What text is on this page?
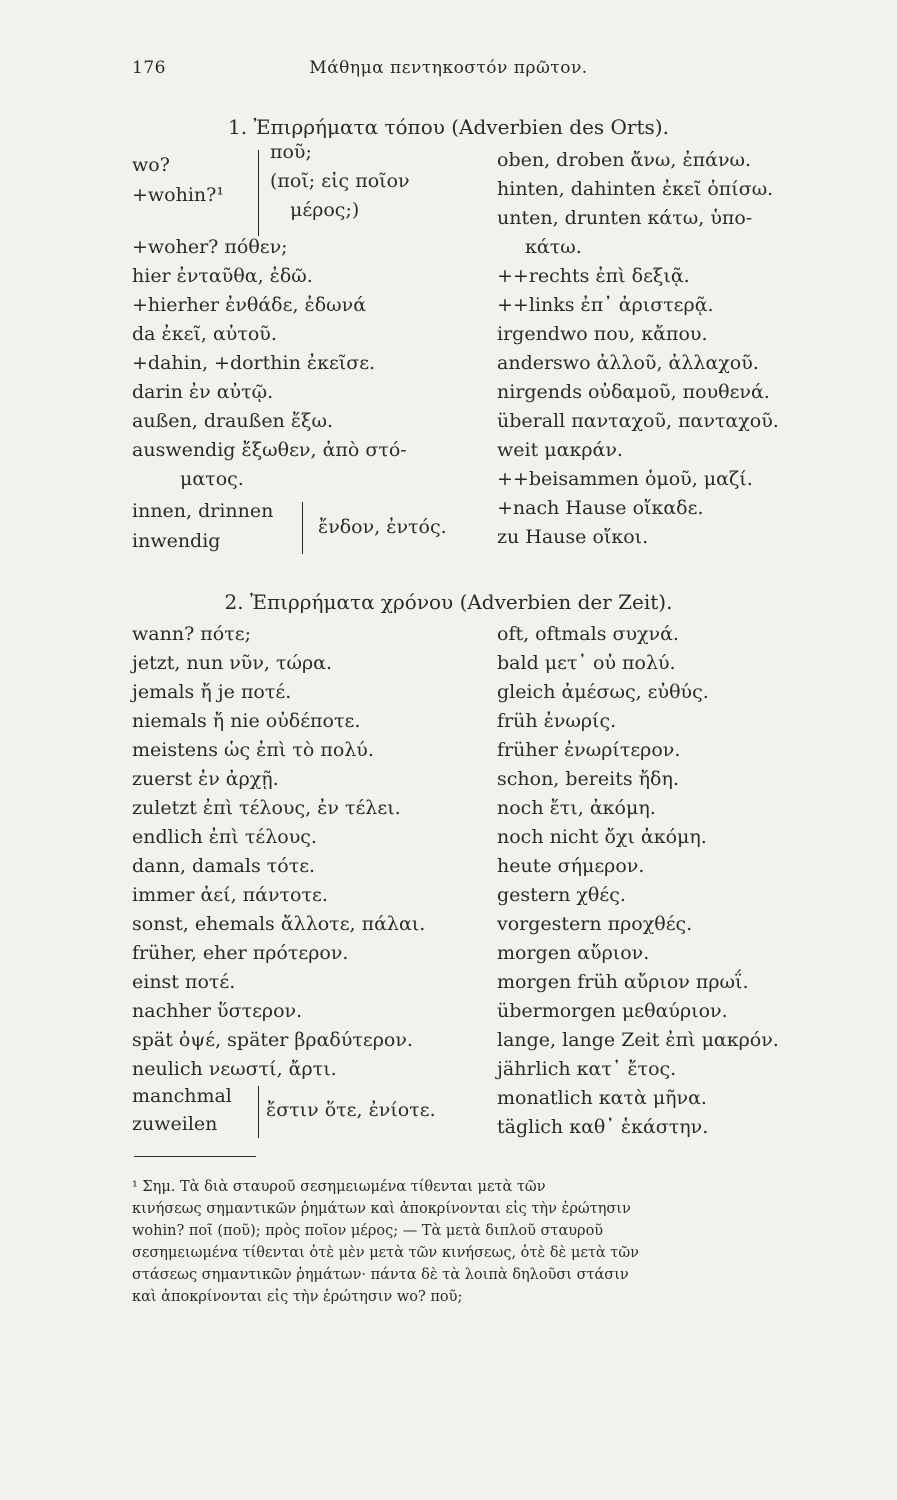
176	Μάθημα πεντηκοστόν πρῶτον.
1. Ἐπιρρήματα τόπου (Adverbien des Orts).
wo?
+wohin?¹
ποῦ;
(ποῖ; εἰς ποῖον
μέρος;)
+woher? πόθεν;
hier ἐνταῦθα, ἐδῶ.
+hierher ἐνθάδε, ἐδωνά
da ἐκεῖ, αὐτοῦ.
+dahin, +dorthin ἐκεῖσε.
darin ἐν αὐτῷ.
außen, draußen ἔξω.
auswendig ἔξωθεν, ἀπὸ στό-
ματος.
innen, drinnen
inwendig
ἔνδον, ἐντός.
oben, droben ἄνω, ἐπάνω.
hinten, dahinten ἐκεῖ ὀπίσω.
unten, drunten κάτω, ὑπο-
κάτω.
++rechts ἐπὶ δεξιᾷ.
++links ἐπ᾿ ἀριστερᾷ.
irgendwo που, κἄπου.
anderswo ἀλλοῦ, ἀλλαχοῦ.
nirgends οὐδαμοῦ, πουθενά.
überall πανταχοῦ, πανταχοῦ.
weit μακράν.
++beisammen ὁμοῦ, μαζί.
+nach Hause οἴκαδε.
zu Hause οἴκοι.
2. Ἐπιρρήματα χρόνου (Adverbien der Zeit).
wann? πότε;
jetzt, nun νῦν, τώρα.
jemals ἤ je ποτέ.
niemals ἤ nie οὐδέποτε.
meistens ὡς ἐπὶ τὸ πολύ.
zuerst ἐν ἀρχῇ.
zuletzt ἐπὶ τέλους, ἐν τέλει.
endlich ἐπὶ τέλους.
dann, damals τότε.
immer ἀεί, πάντοτε.
sonst, ehemals ἄλλοτε, πάλαι.
früher, eher πρότερον.
einst ποτέ.
nachher ὕστερον.
spät ὀψέ, später βραδύτερον.
neulich νεωστί, ἄρτι.
manchmal
zuweilen
ἔστιν ὅτε, ἐνίοτε.
oft, oftmals συχνά.
bald μετ᾿ οὐ πολύ.
gleich ἀμέσως, εὐθύς.
früh ἐνωρίς.
früher ἐνωρίτερον.
schon, bereits ἤδη.
noch ἔτι, ἀκόμη.
noch nicht ὄχι ἀκόμη.
heute σήμερον.
gestern χθές.
vorgestern προχθές.
morgen αὔριον.
morgen früh αὔριον πρωΐ.
übermorgen μεθαύριον.
lange, lange Zeit ἐπὶ μακρόν.
jährlich κατ᾿ ἔτος.
monatlich κατὰ μῆνα.
täglich καθ᾿ ἑκάστην.
¹ Σημ. Τὰ διὰ σταυροῦ σεσημειωμένα τίθενται μετὰ τῶν
κινήσεως σημαντικῶν ῥημάτων καὶ ἀποκρίνονται εἰς τὴν ἐρώτησιν
wohin? ποῖ (ποῦ); πρὸς ποῖον μέρος; — Τὰ μετὰ διπλοῦ σταυροῦ
σεσημειωμένα τίθενται ὁτὲ μὲν μετὰ τῶν κινήσεως, ὁτὲ δὲ μετὰ τῶν
στάσεως σημαντικῶν ῥημάτων· πάντα δὲ τὰ λοιπὰ δηλοῦσι στάσιν
καὶ ἀποκρίνονται εἰς τὴν ἐρώτησιν wo? ποῦ;
